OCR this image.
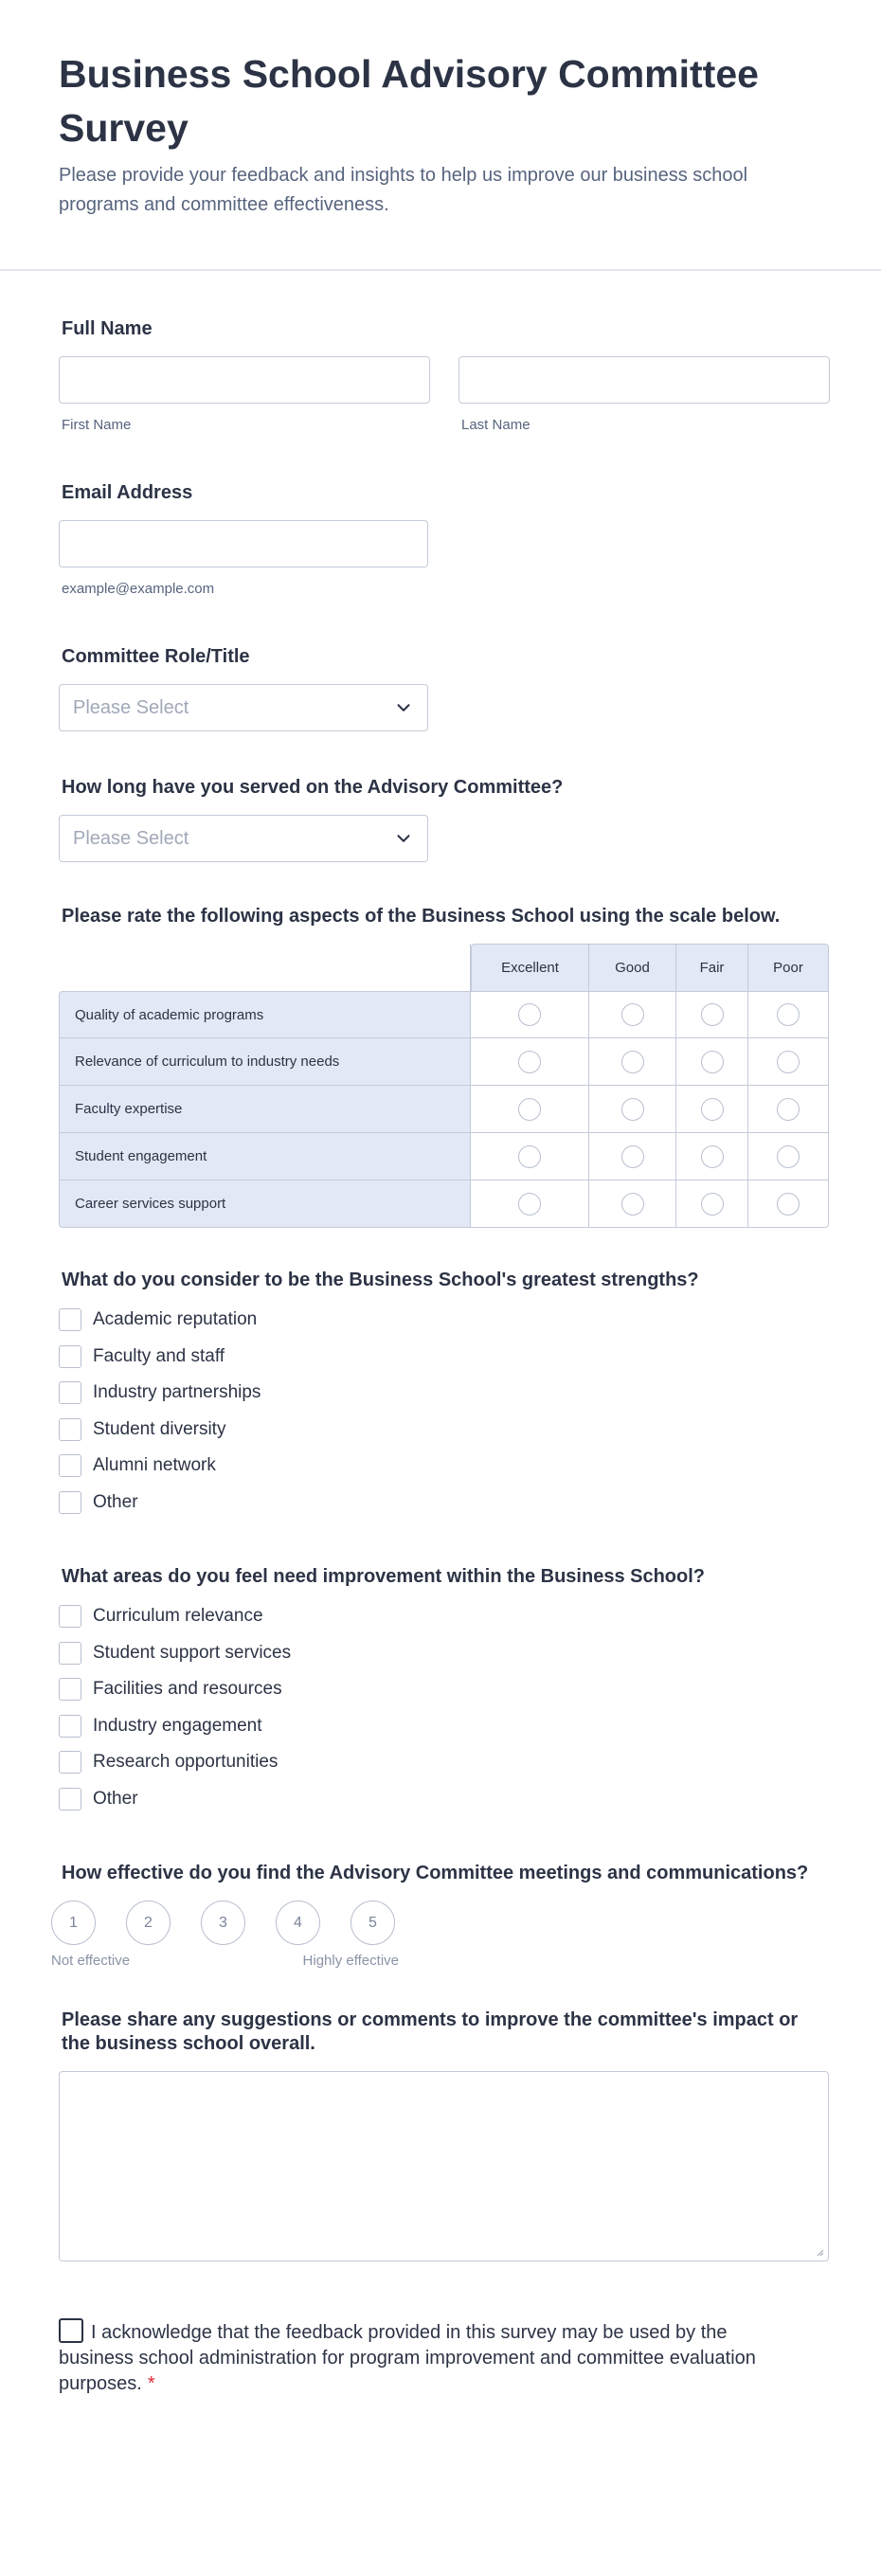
Business School Advisory Committee Survey
Please provide your feedback and insights to help us improve our business school programs and committee effectiveness.
Full Name
First Name	Last Name
Email Address
example@example.com
Committee Role/Title
Please Select
How long have you served on the Advisory Committee?
Please Select
Please rate the following aspects of the Business School using the scale below.
	Excellent	Good	Fair	Poor
Quality of academic programs				
Relevance of curriculum to industry needs				
Faculty expertise				
Student engagement				
Career services support				
What do you consider to be the Business School's greatest strengths?
Academic reputation
Faculty and staff
Industry partnerships
Student diversity
Alumni network
Other
What areas do you feel need improvement within the Business School?
Curriculum relevance
Student support services
Facilities and resources
Industry engagement
Research opportunities
Other
How effective do you find the Advisory Committee meetings and communications?
1	2	3	4	5
Not effective	Highly effective
Please share any suggestions or comments to improve the committee's impact or the business school overall.
I acknowledge that the feedback provided in this survey may be used by the business school administration for program improvement and committee evaluation purposes. *
